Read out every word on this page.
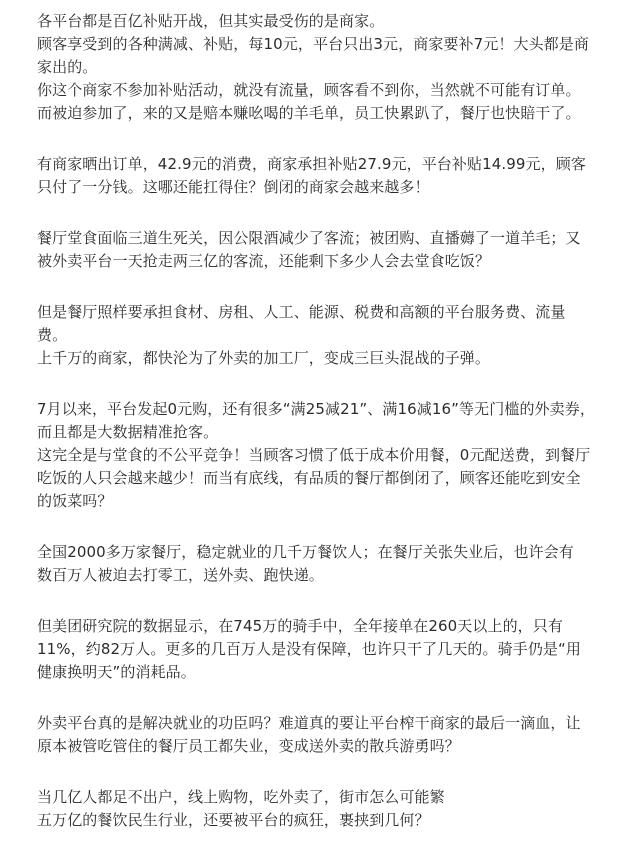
各平台都是百亿补贴开战，但其实最受伤的是商家。
顾客享受到的各种满减、补贴，每10元，平台只出3元，商家要补7元！大头都是商
家出的。
你这个商家不参加补贴活动，就没有流量，顾客看不到你，当然就不可能有订单。
而被迫参加了，来的又是赔本赚吆喝的羊毛单，员工快累趴了，餐厅也快賠干了。
有商家晒出订单，42.9元的消费，商家承担补贴27.9元，平台补贴14.99元，顾客
只付了一分钱。这哪还能扛得住？倒闭的商家会越来越多！
餐厅堂食面临三道生死关，因公限酒减少了客流；被团购、直播薅了一道羊毛；又
被外卖平台一天抢走两三亿的客流，还能剩下多少人会去堂食吃饭？
但是餐厅照样要承担食材、房租、人工、能源、税费和高额的平台服务费、流量
费。
上千万的商家，都快沦为了外卖的加工厂，变成三巨头混战的子弹。
7月以来，平台发起0元购，还有很多“满25减21”、满16减16”等无门槛的外卖券，
而且都是大数据精准抢客。
这完全是与堂食的不公平竞争！当顾客习惯了低于成本价用餐，0元配送费，到餐厅
吃饭的人只会越来越少！而当有底线，有品质的餐厅都倒闭了，顾客还能吃到安全
的饭菜吗？
全国2000多万家餐厅，稳定就业的几千万餐饮人；在餐厅关张失业后，也许会有
数百万人被迫去打零工，送外卖、跑快递。
但美团研究院的数据显示，在745万的骑手中，全年接单在260天以上的，只有
11%，约82万人。更多的几百万人是没有保障，也许只干了几天的。骑手仍是“用
健康换明天”的消耗品。
外卖平台真的是解决就业的功臣吗？难道真的要让平台榨干商家的最后一滴血，让
原本被管吃管住的餐厅员工都失业，变成送外卖的散兵游勇吗？
当几亿人都足不出户，线上购物，吃外卖了，街市怎么可能繁
五万亿的餐饮民生行业，还要被平台的疯狂，裹挟到几何？
